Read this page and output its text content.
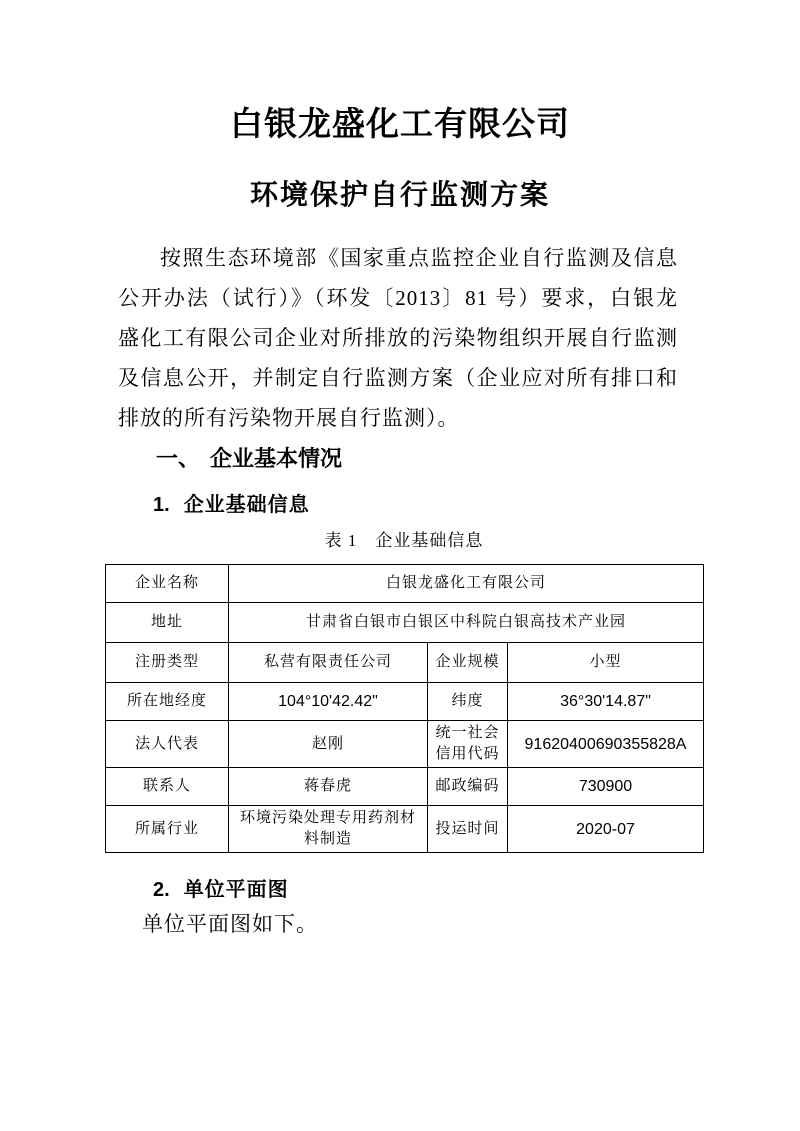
白银龙盛化工有限公司
环境保护自行监测方案

按照生态环境部《国家重点监控企业自行监测及信息公开办法（试行）》（环发〔2013〕81 号）要求，白银龙盛化工有限公司企业对所排放的污染物组织开展自行监测及信息公开，并制定自行监测方案（企业应对所有排口和排放的所有污染物开展自行监测）。

一、 企业基本情况
1. 企业基础信息
表 1　企业基础信息
企业名称	白银龙盛化工有限公司		
地址	甘肃省白银市白银区中科院白银高技术产业园		
注册类型	私营有限责任公司	企业规模	小型
所在地经度	104°10'42.42"	纬度	36°30'14.87"
法人代表	赵刚	统一社会信用代码	91620400690355828A
联系人	蒋春虎	邮政编码	730900
所属行业	环境污染处理专用药剂材料制造	投运时间	2020-07
2. 单位平面图

单位平面图如下。
